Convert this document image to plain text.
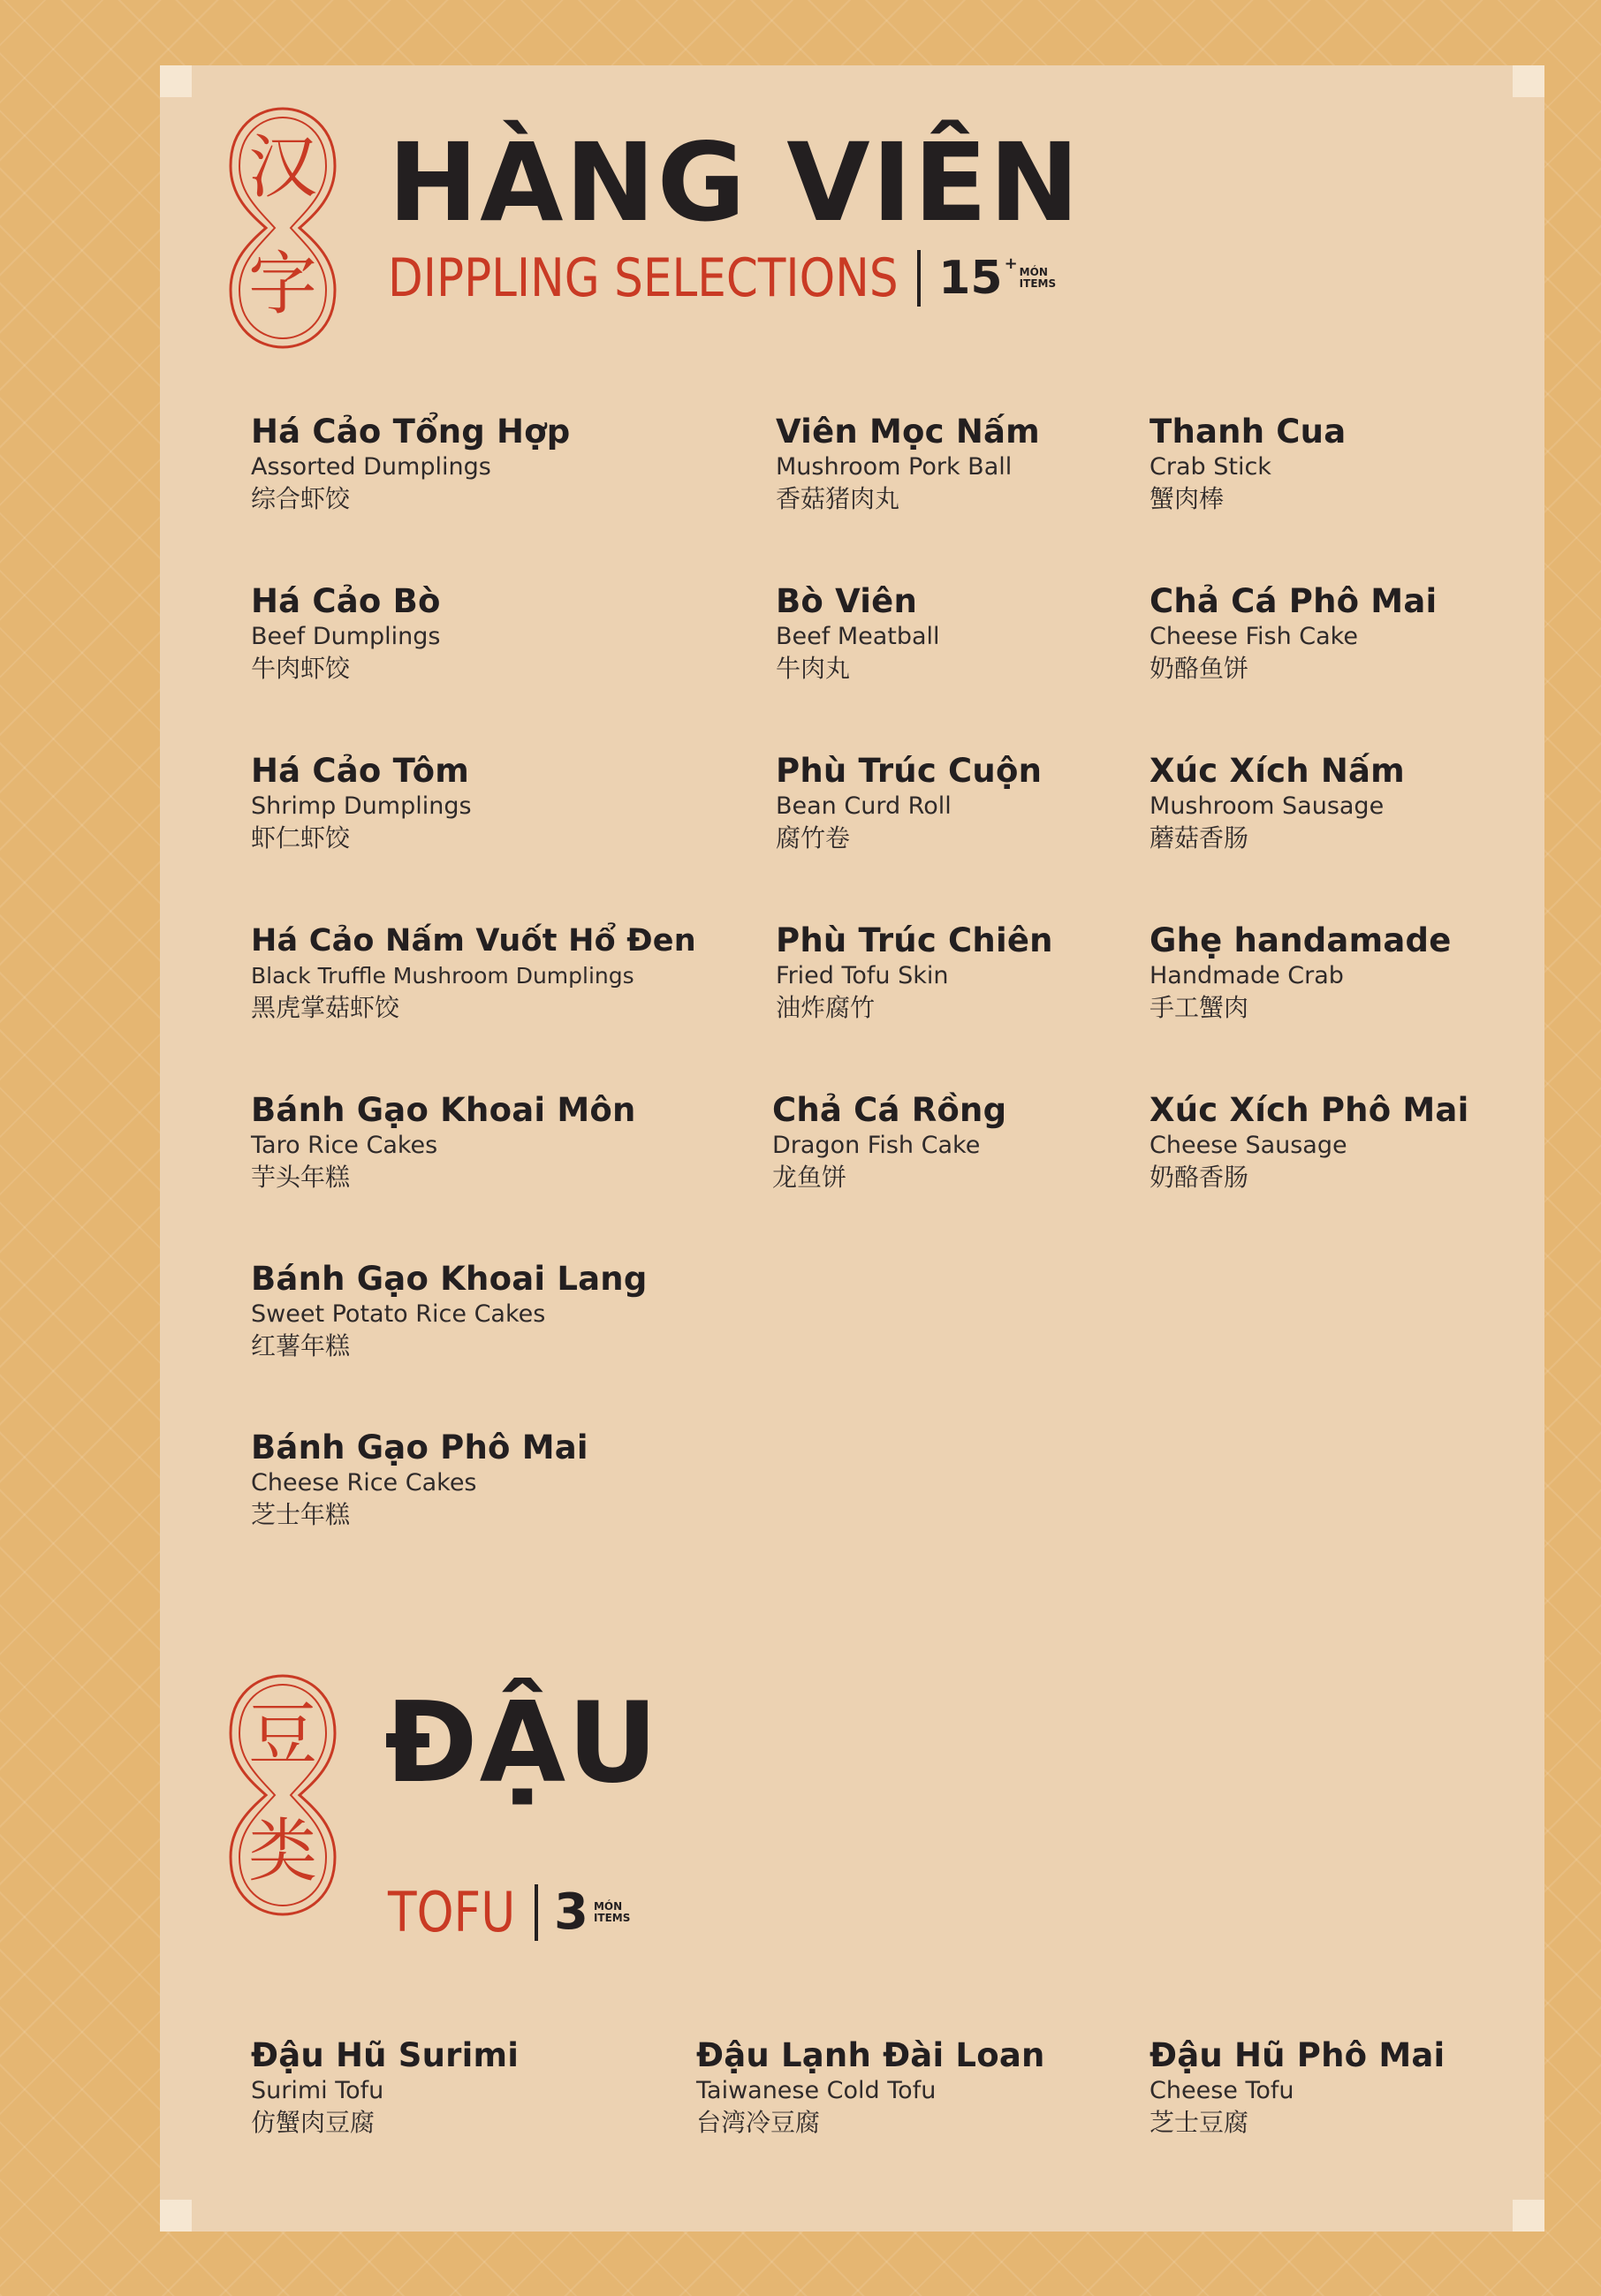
汉
字
HÀNG VIÊN
DIPPLING SELECTIONS 15 + MÓN
ITEMS
Há Cảo Tổng Hợp
Assorted Dumplings
综合虾饺
Há Cảo Bò
Beef Dumplings
牛肉虾饺
Há Cảo Tôm
Shrimp Dumplings
虾仁虾饺
Há Cảo Nấm Vuốt Hổ Đen
Black Truffle Mushroom Dumplings
黑虎掌菇虾饺
Bánh Gạo Khoai Môn
Taro Rice Cakes
芋头年糕
Bánh Gạo Khoai Lang
Sweet Potato Rice Cakes
红薯年糕
Bánh Gạo Phô Mai
Cheese Rice Cakes
芝士年糕
Viên Mọc Nấm
Mushroom Pork Ball
香菇猪肉丸
Bò Viên
Beef Meatball
牛肉丸
Phù Trúc Cuộn
Bean Curd Roll
腐竹卷
Phù Trúc Chiên
Fried Tofu Skin
油炸腐竹
Chả Cá Rồng
Dragon Fish Cake
龙鱼饼
Thanh Cua
Crab Stick
蟹肉棒
Chả Cá Phô Mai
Cheese Fish Cake
奶酪鱼饼
Xúc Xích Nấm
Mushroom Sausage
蘑菇香肠
Ghẹ handamade
Handmade Crab
手工蟹肉
Xúc Xích Phô Mai
Cheese Sausage
奶酪香肠
豆
类
ĐẬU
TOFU 3 MÓN
ITEMS
Đậu Hũ Surimi
Surimi Tofu
仿蟹肉豆腐
Đậu Lạnh Đài Loan
Taiwanese Cold Tofu
台湾冷豆腐
Đậu Hũ Phô Mai
Cheese Tofu
芝士豆腐
